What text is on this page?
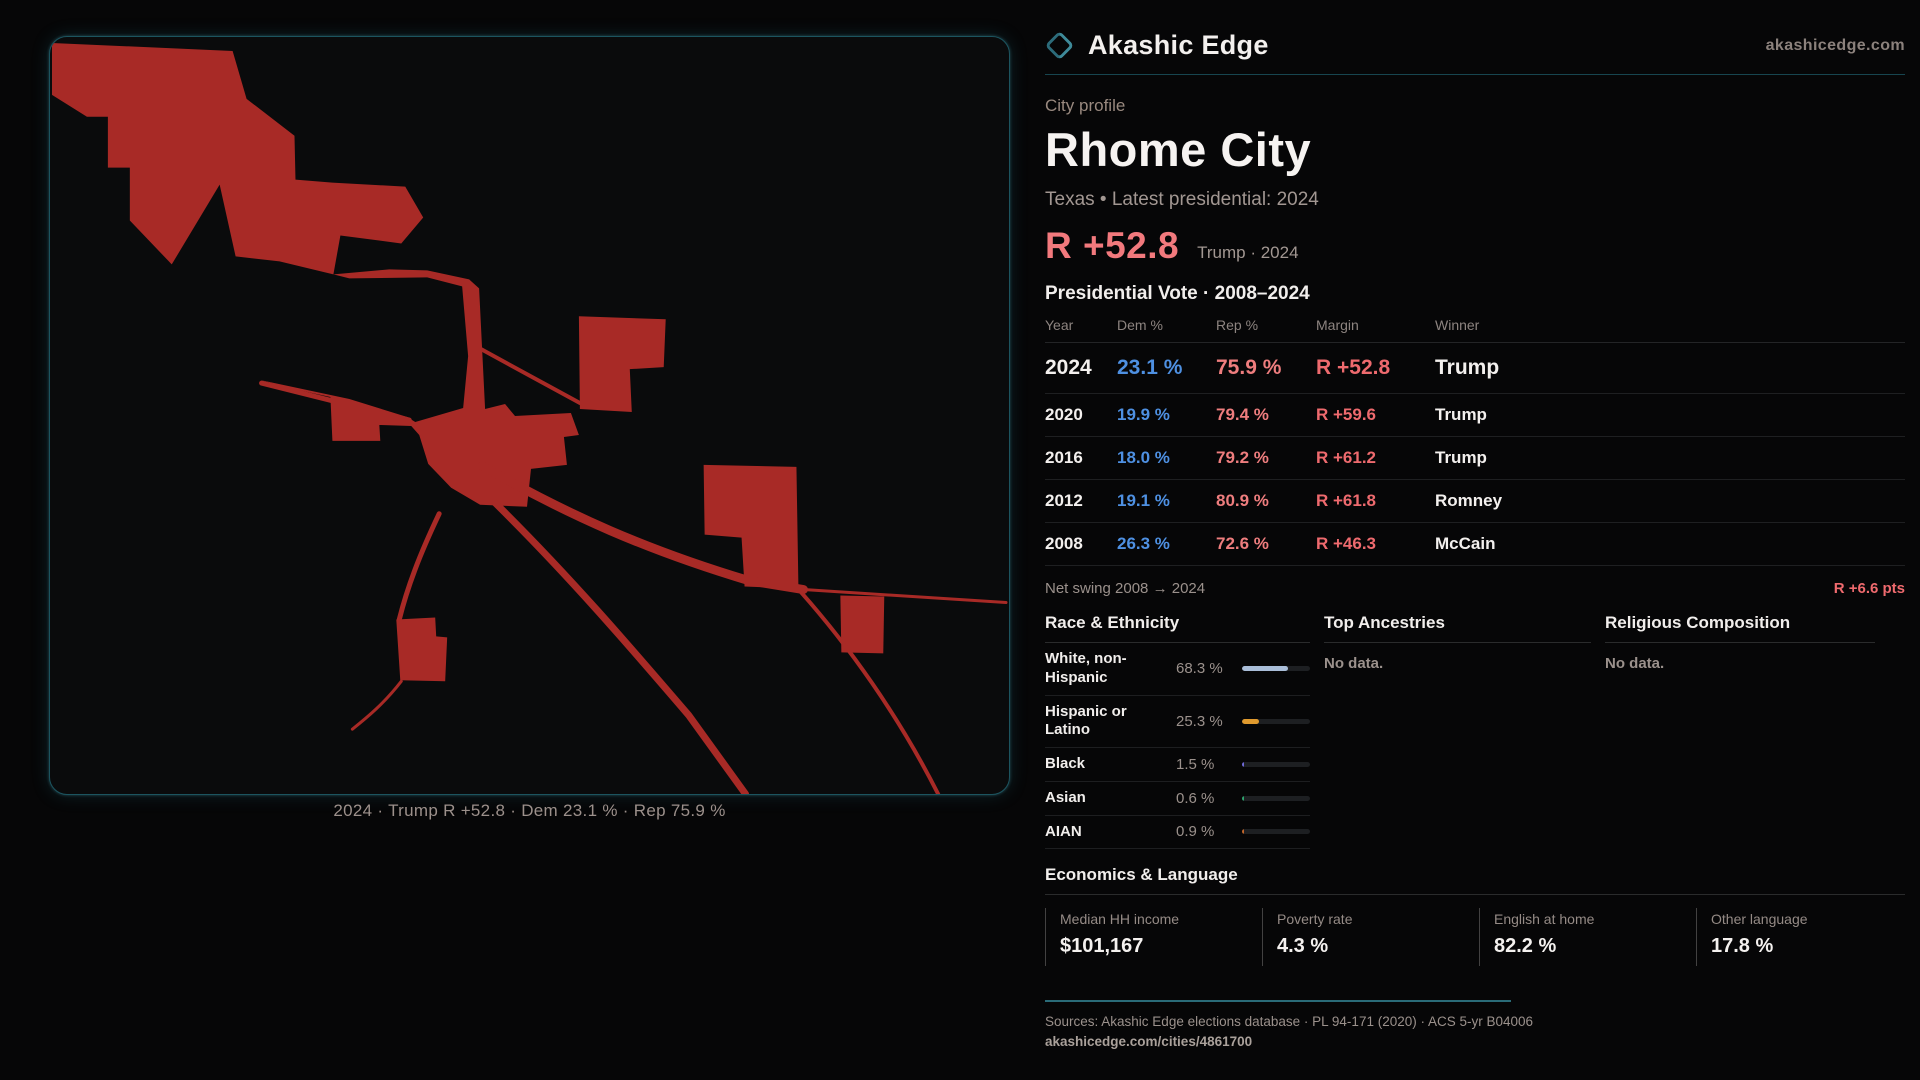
2024 · Trump R +52.8 · Dem 23.1 % · Rep 75.9 %
Akashic Edge	akashicedge.com
City profile
Rhome City
Texas • Latest presidential: 2024
R +52.8 Trump · 2024
Presidential Vote · 2008–2024
Year	Dem %	Rep %	Margin	Winner
2024	23.1 %	75.9 %	R +52.8	Trump
2020	19.9 %	79.4 %	R +59.6	Trump
2016	18.0 %	79.2 %	R +61.2	Trump
2012	19.1 %	80.9 %	R +61.8	Romney
2008	26.3 %	72.6 %	R +46.3	McCain
Net swing 2008 → 2024	R +6.6 pts
Race & Ethnicity
White, non-Hispanic	68.3 %
Hispanic or Latino	25.3 %
Black	1.5 %
Asian	0.6 %
AIAN	0.9 %
Top Ancestries
No data.
Religious Composition
No data.
Economics & Language
Median HH income
$101,167
Poverty rate
4.3 %
English at home
82.2 %
Other language
17.8 %
Sources: Akashic Edge elections database · PL 94-171 (2020) · ACS 5-yr B04006
akashicedge.com/cities/4861700
